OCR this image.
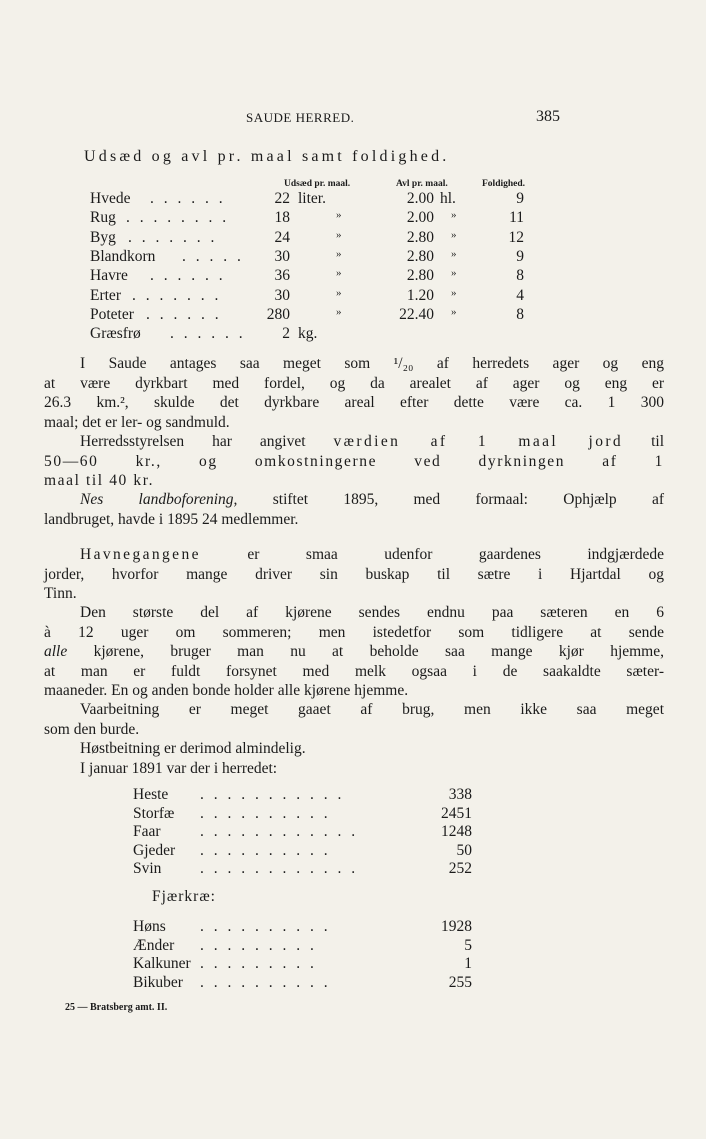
SAUDE HERRED.	385
Udsæd og avl pr. maal samt foldighed.
Udsæd pr. maal.	Avl pr. maal.	Foldighed.
Hvede . . . . . .	22 liter.	2.00 hl.	9
Rug . . . . . . . .	18	»	2.00 »	11
Byg . . . . . . .	24	»	2.80 »	12
Blandkorn . . . . .	30	»	2.80 »	9
Havre . . . . . .	36	»	2.80 »	8
Erter . . . . . . .	30	»	1.20 »	4
Poteter . . . . . .	280	»	22.40 »	8
Græsfrø . . . . . .	2 kg.
I Saude antages saa meget som ¹/₂₀ af herredets ager og eng
at være dyrkbart med fordel, og da arealet af ager og eng er
26.3 km.², skulde det dyrkbare areal efter dette være ca. 1 300
maal; det er ler- og sandmuld.
Herredsstyrelsen har angivet værdien af 1 maal jord til
50—60 kr., og omkostningerne ved dyrkningen af 1
maal til 40 kr.
Nes landboforening, stiftet 1895, med formaal: Ophjælp af
landbruget, havde i 1895 24 medlemmer.
Havnegangene er smaa udenfor gaardenes indgjærdede
jorder, hvorfor mange driver sin buskap til sætre i Hjartdal og
Tinn.
Den største del af kjørene sendes endnu paa sæteren en 6
à 12 uger om sommeren; men istedetfor som tidligere at sende
alle kjørene, bruger man nu at beholde saa mange kjør hjemme,
at man er fuldt forsynet med melk ogsaa i de saakaldte sæter-
maaneder. En og anden bonde holder alle kjørene hjemme.
Vaarbeitning er meget gaaet af brug, men ikke saa meget
som den burde.
Høstbeitning er derimod almindelig.
I januar 1891 var der i herredet:
Heste . . . . . . . . . . .	338
Storfæ . . . . . . . . . .	2451
Faar	. . . . . . . . . . . .	1248
Gjeder . . . . . . . . . .	50
Svin . . . . . . . . . . . .	252
Fjærkræ:
Høns . . . . . . . . . .	1928
Ænder . . . . . . . . .	5
Kalkuner . . . . . . . . .	1
Bikuber . . . . . . . . . .	255
25 — Bratsberg amt. II.
